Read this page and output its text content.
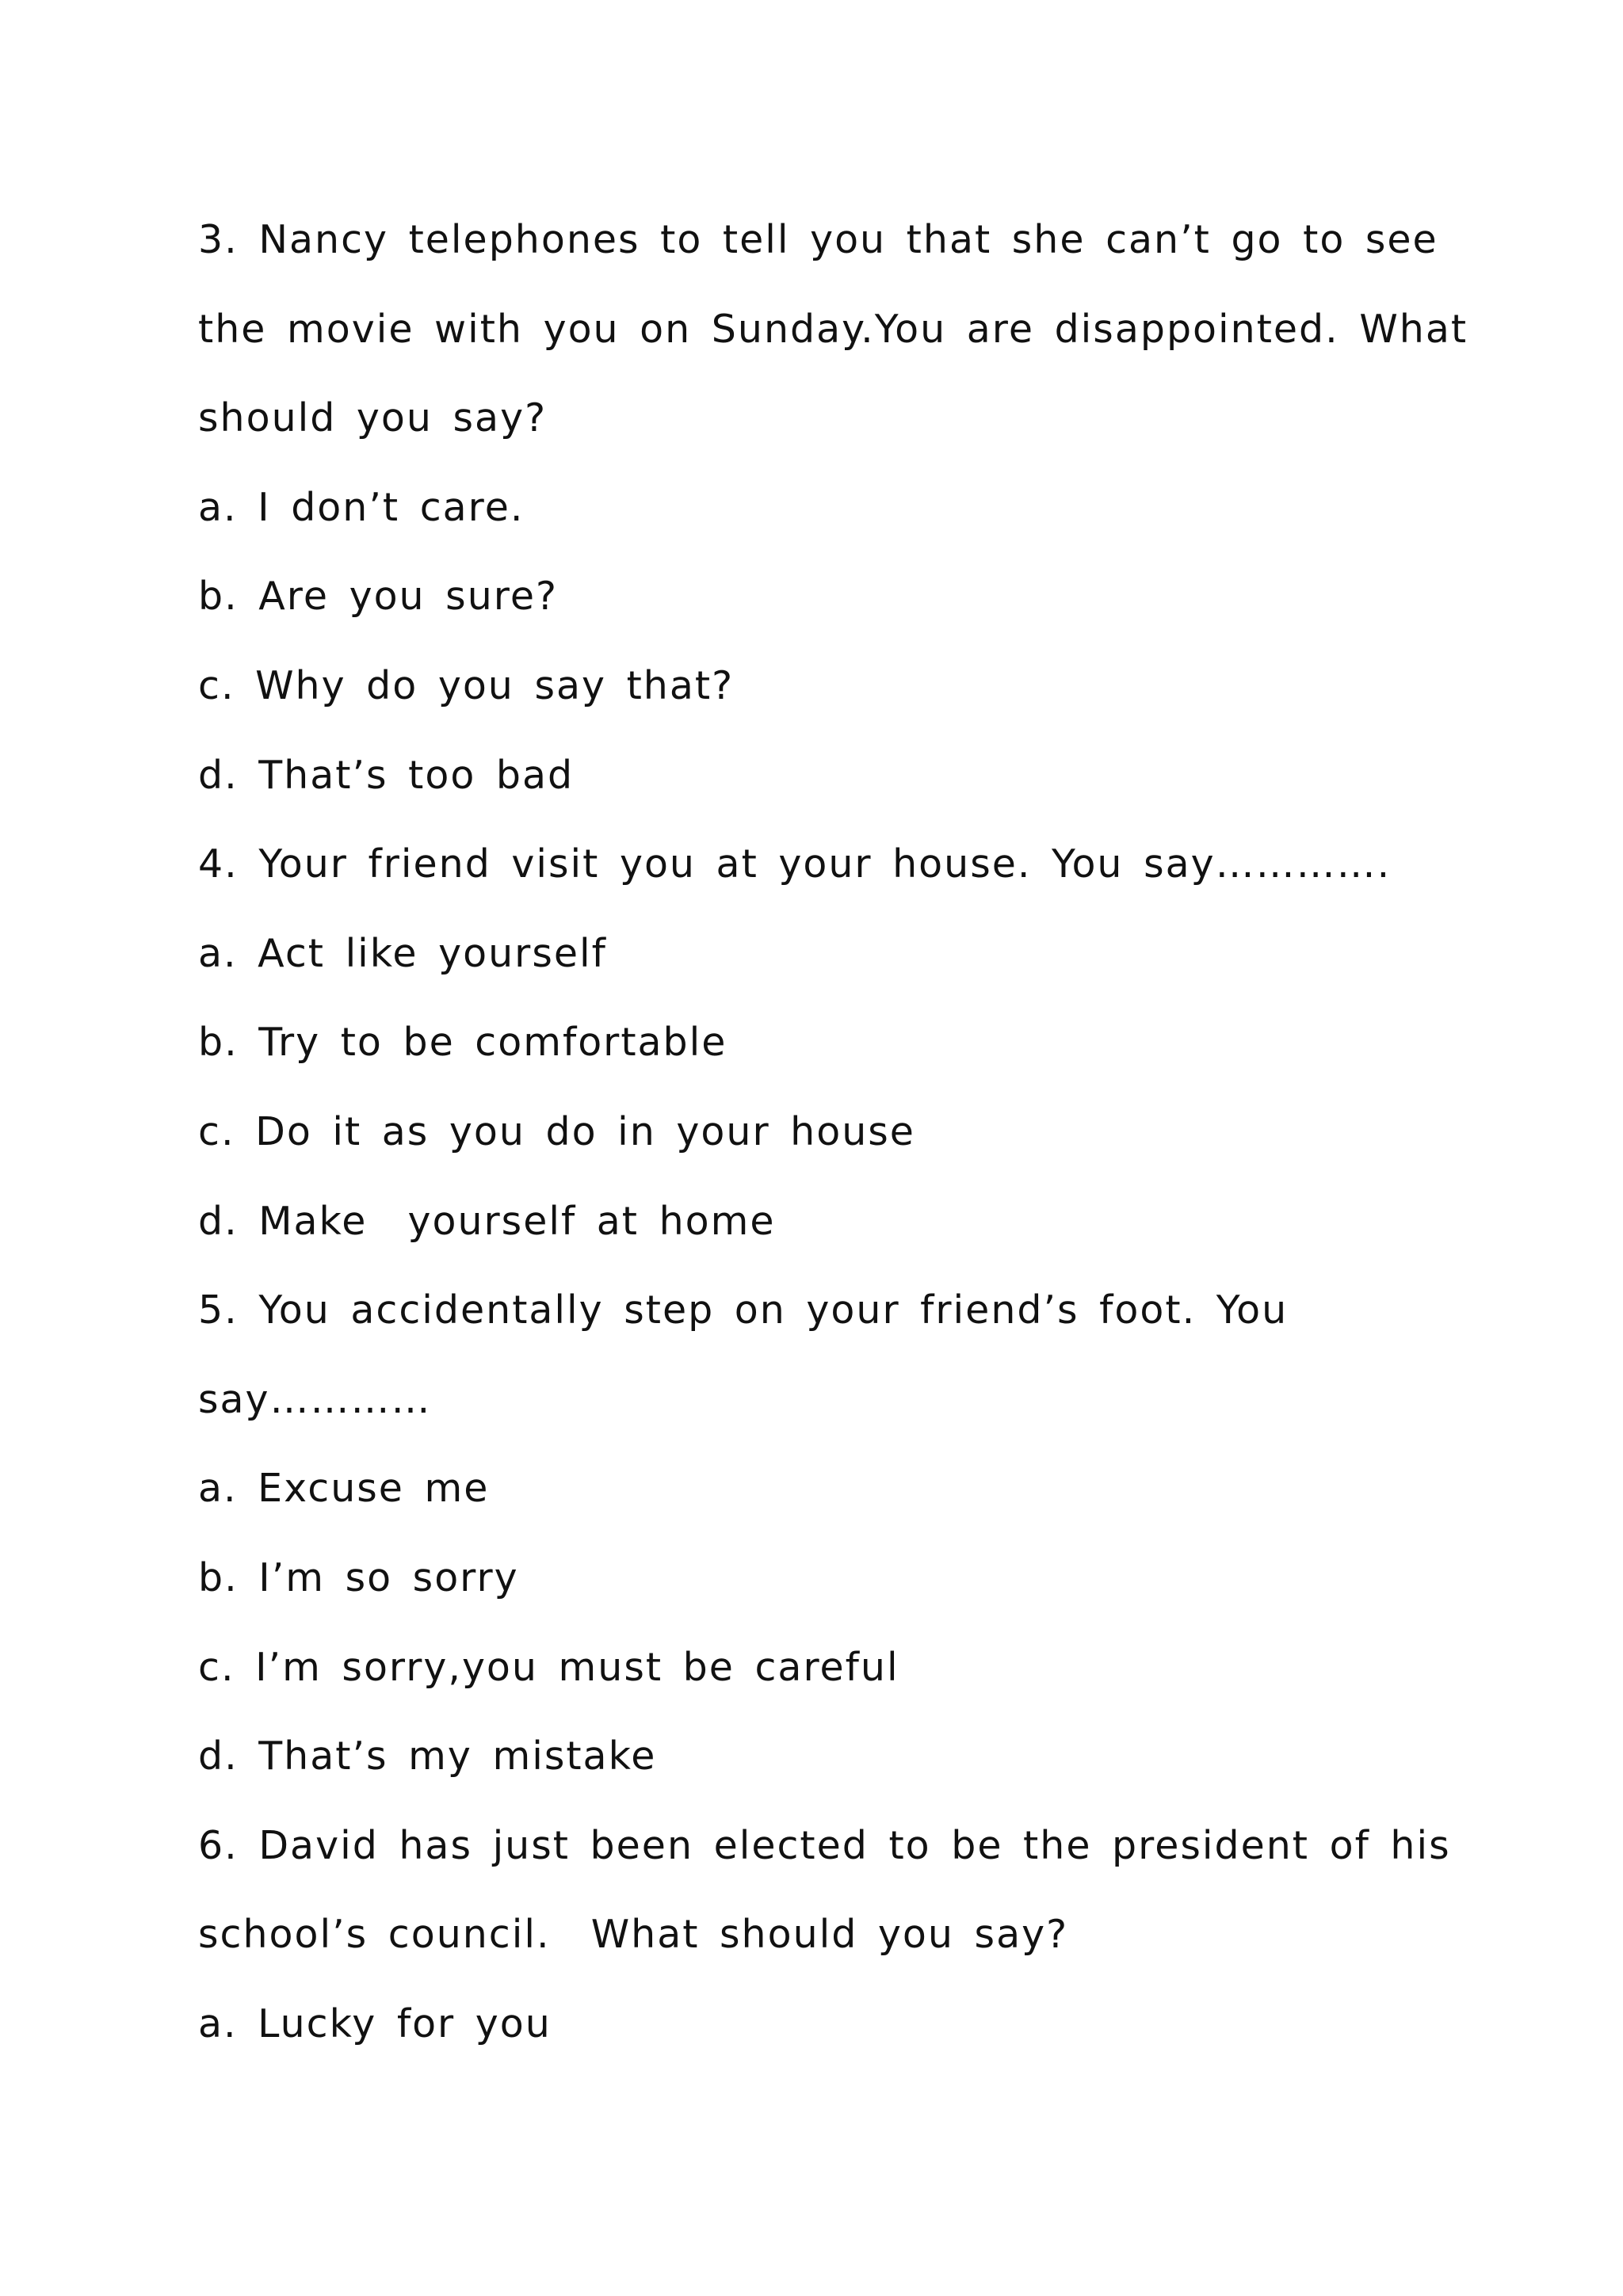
3. Nancy telephones to tell you that she can’t go to see
the movie with you on Sunday.You are disappointed. What
should you say?
a. I don’t care.
b. Are you sure?
c. Why do you say that?
d. That’s too bad
4. Your friend visit you at your house. You say………….
a. Act like yourself
b. Try to be comfortable
c. Do it as you do in your house
d. Make  yourself at home
5. You accidentally step on your friend’s foot. You
say…………
a. Excuse me
b. I’m so sorry
c. I’m sorry,you must be careful
d. That’s my mistake
6. David has just been elected to be the president of his
school’s council.  What should you say?
a. Lucky for you
